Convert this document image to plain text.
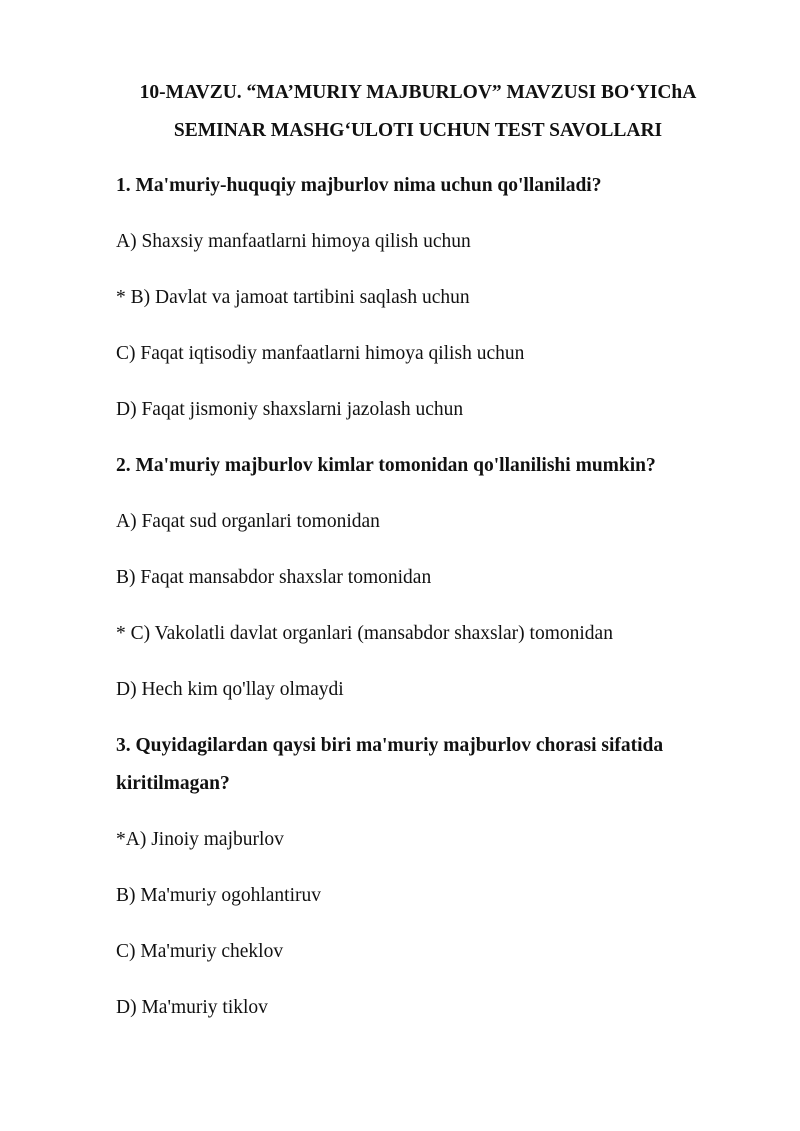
10-MAVZU. “MA’MURIY MAJBURLOV” MAVZUSI BO‘YIChA
SEMINAR MASHG‘ULOTI UCHUN TEST SAVOLLARI
1. Ma'muriy-huquqiy majburlov nima uchun qo'llaniladi?
A) Shaxsiy manfaatlarni himoya qilish uchun
* B) Davlat va jamoat tartibini saqlash uchun
C) Faqat iqtisodiy manfaatlarni himoya qilish uchun
D) Faqat jismoniy shaxslarni jazolash uchun
2. Ma'muriy majburlov kimlar tomonidan qo'llanilishi mumkin?
A) Faqat sud organlari tomonidan
B) Faqat mansabdor shaxslar tomonidan
* C) Vakolatli davlat organlari (mansabdor shaxslar) tomonidan
D) Hech kim qo'llay olmaydi
3. Quyidagilardan qaysi biri ma'muriy majburlov chorasi sifatida
kiritilmagan?
*A) Jinoiy majburlov
B) Ma'muriy ogohlantiruv
C) Ma'muriy cheklov
D) Ma'muriy tiklov
